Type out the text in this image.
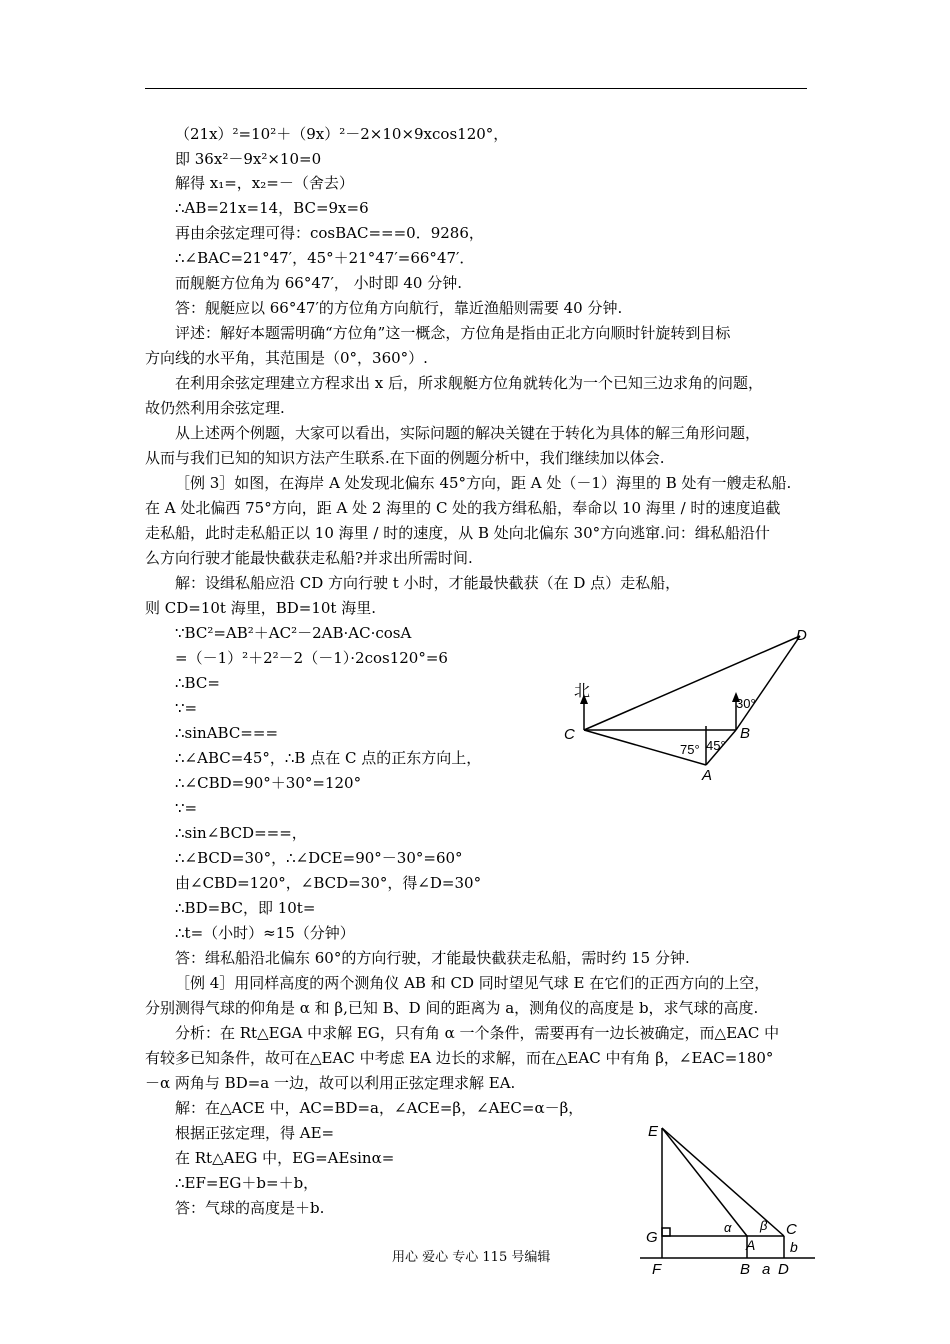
（21x）²=10²＋（9x）²－2×10×9xcos120°，
即 36x²－9x²×10=0
解得 x₁=，x₂=－（舍去）
∴AB=21x=14，BC=9x=6
再由余弦定理可得：cosBAC===0．9286，
∴∠BAC=21°47′，45°＋21°47′=66°47′．
而舰艇方位角为 66°47′， 小时即 40 分钟.
答：舰艇应以 66°47′的方位角方向航行，靠近渔船则需要 40 分钟.
评述：解好本题需明确“方位角”这一概念，方位角是指由正北方向顺时针旋转到目标
方向线的水平角，其范围是（0°，360°）.
在利用余弦定理建立方程求出 x 后，所求舰艇方位角就转化为一个已知三边求角的问题，
故仍然利用余弦定理.
从上述两个例题，大家可以看出，实际问题的解决关键在于转化为具体的解三角形问题，
从而与我们已知的知识方法产生联系.在下面的例题分析中，我们继续加以体会.
［例 3］如图，在海岸 A 处发现北偏东 45°方向，距 A 处（－1）海里的 B 处有一艘走私船.
在 A 处北偏西 75°方向，距 A 处 2 海里的 C 处的我方缉私船，奉命以 10 海里 / 时的速度追截
走私船，此时走私船正以 10 海里 / 时的速度，从 B 处向北偏东 30°方向逃窜.问：缉私船沿什
么方向行驶才能最快截获走私船?并求出所需时间.
解：设缉私船应沿 CD 方向行驶 t 小时，才能最快截获（在 D 点）走私船，
则 CD=10t 海里，BD=10t 海里.
∵BC²=AB²＋AC²－2AB·AC·cosA
=（－1）²＋2²－2（－1）·2cos120°=6
∴BC=
∵=
∴sinABC===
∴∠ABC=45°，∴B 点在 C 点的正东方向上，
∴∠CBD=90°＋30°=120°
∵=
∴sin∠BCD===，
∴∠BCD=30°，∴∠DCE=90°－30°=60°
由∠CBD=120°，∠BCD=30°，得∠D=30°
∴BD=BC，即 10t=
∴t=（小时）≈15（分钟）
答：缉私船沿北偏东 60°的方向行驶，才能最快截获走私船，需时约 15 分钟.
［例 4］用同样高度的两个测角仪 AB 和 CD 同时望见气球 E 在它们的正西方向的上空，
分别测得气球的仰角是 α 和 β,已知 B、D 间的距离为 a，测角仪的高度是 b，求气球的高度.
分析：在 Rt△EGA 中求解 EG，只有角 α 一个条件，需要再有一边长被确定，而△EAC 中
有较多已知条件，故可在△EAC 中考虑 EA 边长的求解，而在△EAC 中有角 β，∠EAC=180°
－α 两角与 BD=a 一边，故可以利用正弦定理求解 EA.
解：在△ACE 中，AC=BD=a，∠ACE=β，∠AEC=α－β，
根据正弦定理，得 AE=
在 Rt△AEG 中，EG=AEsinα=
∴EF=EG＋b=＋b，
答：气球的高度是＋b.
北
C
A
B
D
75° 45°
30°
E
G
F
A
B
C
D
α β
a
b
用心 爱心 专心 115 号编辑
